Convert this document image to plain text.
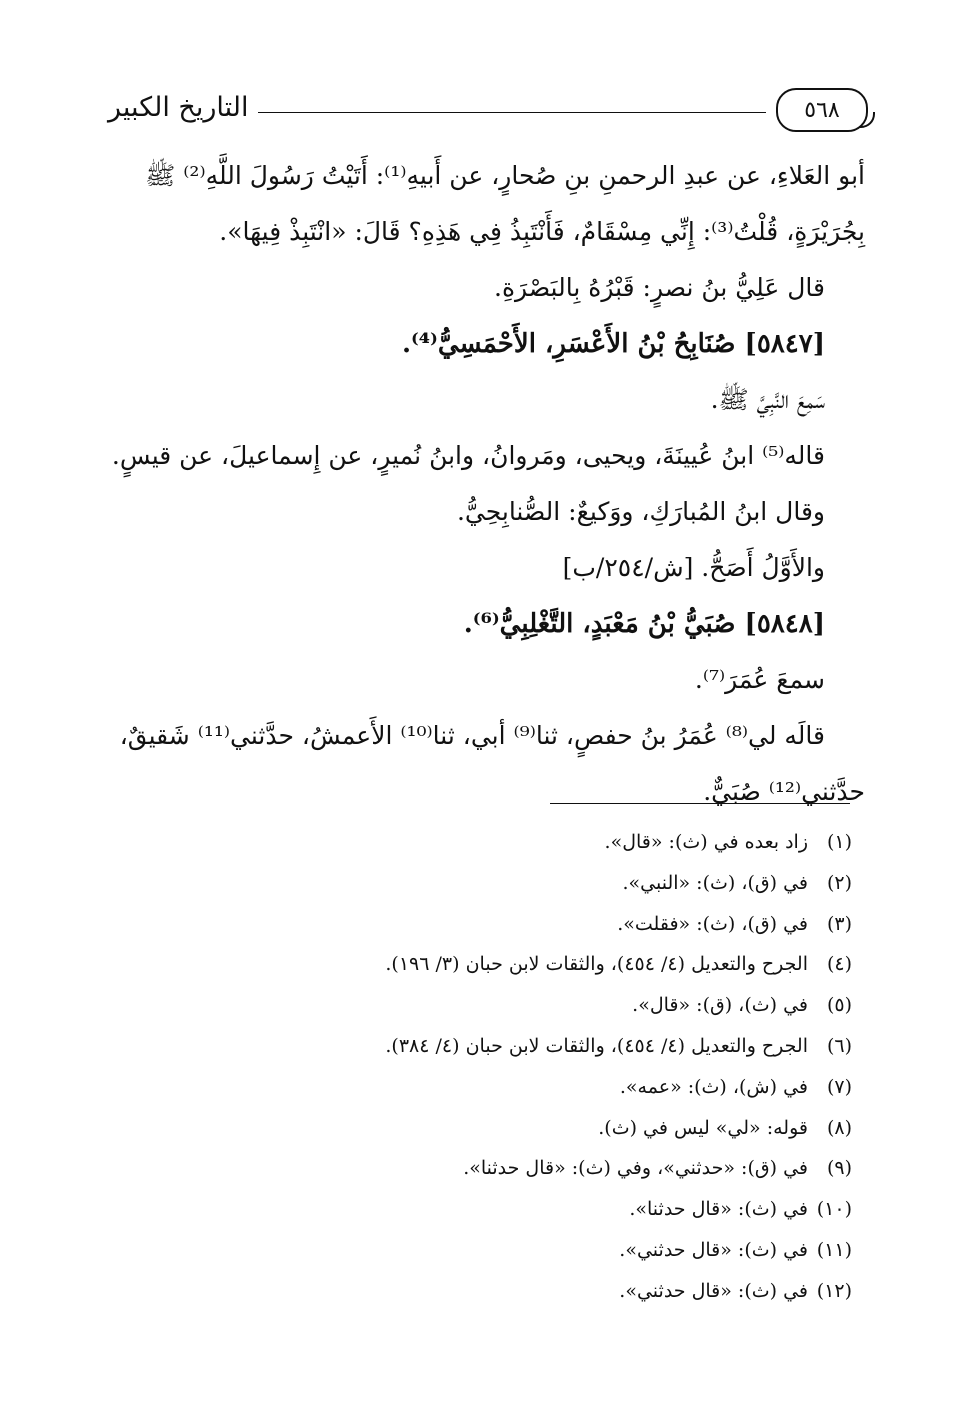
التاريخ الكبير	٥٦٨
أبو العَلاءِ، عن عبدِ الرحمنِ بنِ صُحارٍ، عن أَبيهِ⁽¹⁾: أَتَيْتُ رَسُولَ اللَّهِ⁽²⁾ ﷺ
بِجُرَيْرَةٍ، قُلْتُ⁽³⁾: إِنِّي مِسْقَامٌ، فَأَنْتَبِذُ فِي هَذِهِ؟ قَالَ: «انْتَبِذْ فِيهَا».
قال عَلِيُّ بنُ نصرٍ: قَبْرُهُ بِالبَصْرَةِ.
[٥٨٤٧] صُنَابِحُ بْنُ الأَعْسَرِ، الأَحْمَسِيُّ⁽⁴⁾.
سَمِعَ النَّبِيَّ ﷺ.
قاله⁽⁵⁾ ابنُ عُيينَةَ، ويحيى، ومَروانُ، وابنُ نُميرٍ، عن إِسماعيلَ، عن قيسٍ.
وقال ابنُ المُبارَكِ، ووَكيعٌ: الصُّنابِحِيُّ.
والأَوَّلُ أَصَحُّ. [ش/٢٥٤/ب]
[٥٨٤٨] صُبَيُّ بْنُ مَعْبَدٍ، التَّغْلِبِيُّ⁽⁶⁾.
سمعَ عُمَرَ⁽⁷⁾.
قالَه لي⁽⁸⁾ عُمَرُ بنُ حفصٍ، ثنا⁽⁹⁾ أبي، ثنا⁽¹⁰⁾ الأَعمشُ، حدَّثني⁽¹¹⁾ شَقيقٌ،
حدَّثني⁽¹²⁾ صُبَيٌّ.
(١)زاد بعده في (ث): «قال».
(٢)في (ق)، (ث): «النبي».
(٣)في (ق)، (ث): «فقلت».
(٤)الجرح والتعديل (٤/ ٤٥٤)، والثقات لابن حبان (٣/ ١٩٦).
(٥)في (ث)، (ق): «قال».
(٦)الجرح والتعديل (٤/ ٤٥٤)، والثقات لابن حبان (٤/ ٣٨٤).
(٧)في (ش)، (ث): «عمه».
(٨)قوله: «لي» ليس في (ث).
(٩)في (ق): «حدثني»، وفي (ث): «قال حدثنا».
(١٠)في (ث): «قال حدثنا».
(١١)في (ث): «قال حدثني».
(١٢)في (ث): «قال حدثني».
